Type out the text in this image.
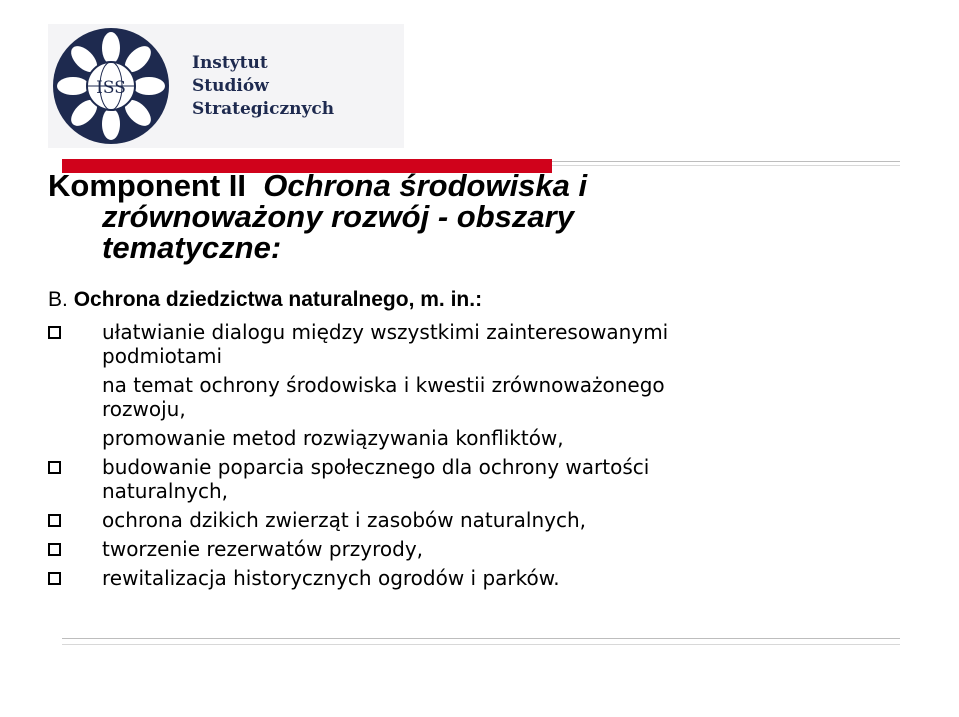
ISS
Instytut
Studiów
Strategicznych
Komponent II  Ochrona środowiska i
zrównoważony rozwój - obszary
tematyczne:
B. Ochrona dziedzictwa naturalnego, m. in.:
ułatwianie dialogu między wszystkimi zainteresowanymi
podmiotami
na temat ochrony środowiska i kwestii zrównoważonego
rozwoju,
promowanie metod rozwiązywania konfliktów,
budowanie poparcia społecznego dla ochrony wartości
naturalnych,
ochrona dzikich zwierząt i zasobów naturalnych,
tworzenie rezerwatów przyrody,
rewitalizacja historycznych ogrodów i parków.
